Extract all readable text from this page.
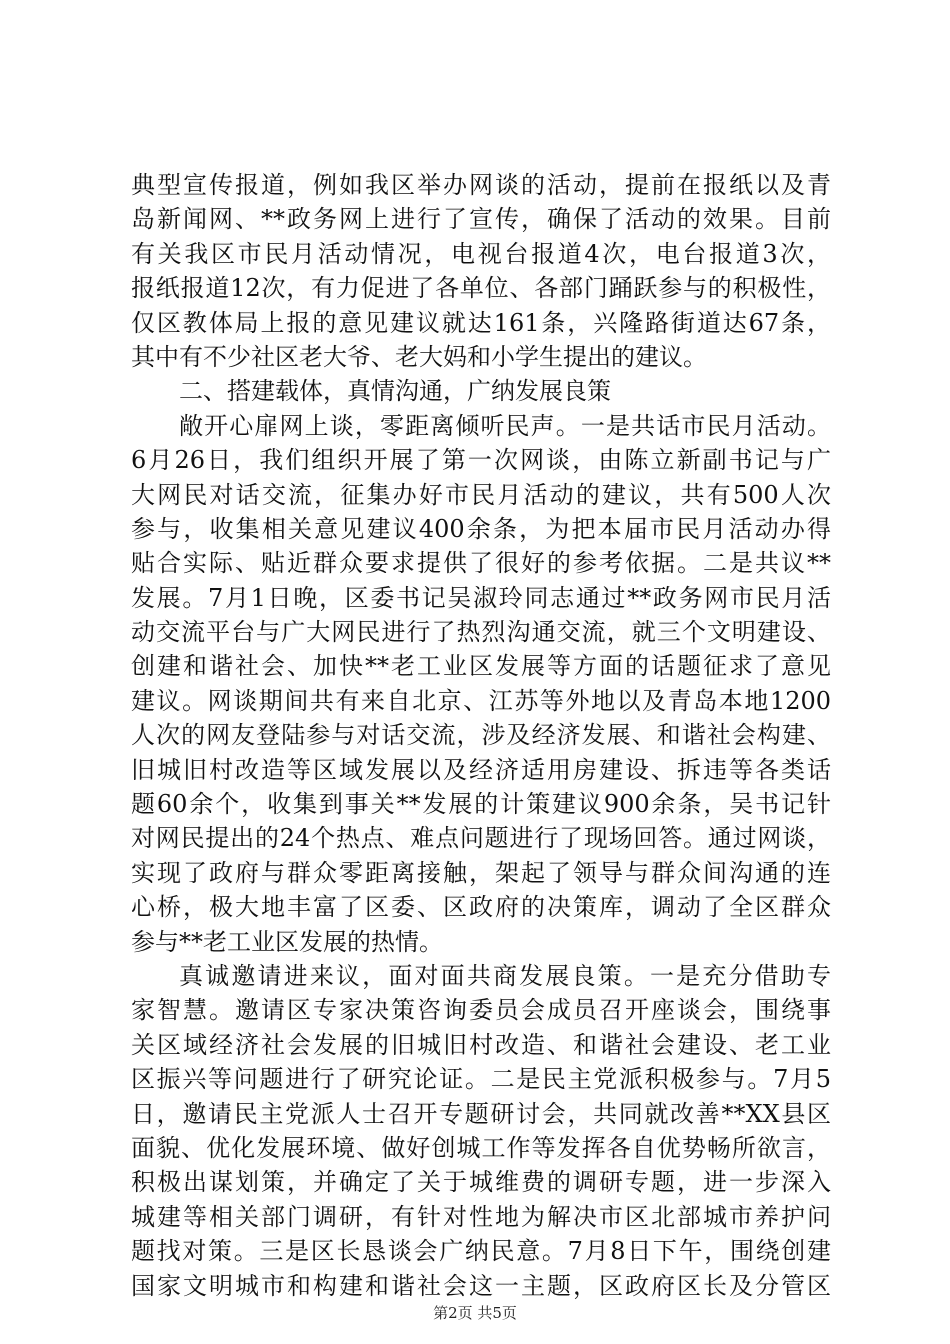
典型宣传报道，例如我区举办网谈的活动，提前在报纸以及青
岛新闻网、**政务网上进行了宣传，确保了活动的效果。目前
有关我区市民月活动情况，电视台报道4次，电台报道3次，
报纸报道12次，有力促进了各单位、各部门踊跃参与的积极性，
仅区教体局上报的意见建议就达161条，兴隆路街道达67条，
其中有不少社区老大爷、老大妈和小学生提出的建议。
二、搭建载体，真情沟通，广纳发展良策
敞开心扉网上谈，零距离倾听民声。一是共话市民月活动。
6月26日，我们组织开展了第一次网谈，由陈立新副书记与广
大网民对话交流，征集办好市民月活动的建议，共有500人次
参与，收集相关意见建议400余条，为把本届市民月活动办得
贴合实际、贴近群众要求提供了很好的参考依据。二是共议**
发展。7月1日晚，区委书记吴淑玲同志通过**政务网市民月活
动交流平台与广大网民进行了热烈沟通交流，就三个文明建设、
创建和谐社会、加快**老工业区发展等方面的话题征求了意见
建议。网谈期间共有来自北京、江苏等外地以及青岛本地1200
人次的网友登陆参与对话交流，涉及经济发展、和谐社会构建、
旧城旧村改造等区域发展以及经济适用房建设、拆违等各类话
题60余个，收集到事关**发展的计策建议900余条，吴书记针
对网民提出的24个热点、难点问题进行了现场回答。通过网谈，
实现了政府与群众零距离接触，架起了领导与群众间沟通的连
心桥，极大地丰富了区委、区政府的决策库，调动了全区群众
参与**老工业区发展的热情。
真诚邀请进来议，面对面共商发展良策。一是充分借助专
家智慧。邀请区专家决策咨询委员会成员召开座谈会，围绕事
关区域经济社会发展的旧城旧村改造、和谐社会建设、老工业
区振兴等问题进行了研究论证。二是民主党派积极参与。7月5
日，邀请民主党派人士召开专题研讨会，共同就改善**XX县区
面貌、优化发展环境、做好创城工作等发挥各自优势畅所欲言，
积极出谋划策，并确定了关于城维费的调研专题，进一步深入
城建等相关部门调研，有针对性地为解决市区北部城市养护问
题找对策。三是区长恳谈会广纳民意。7月8日下午，围绕创建
国家文明城市和构建和谐社会这一主题，区政府区长及分管区
第2页 共5页
